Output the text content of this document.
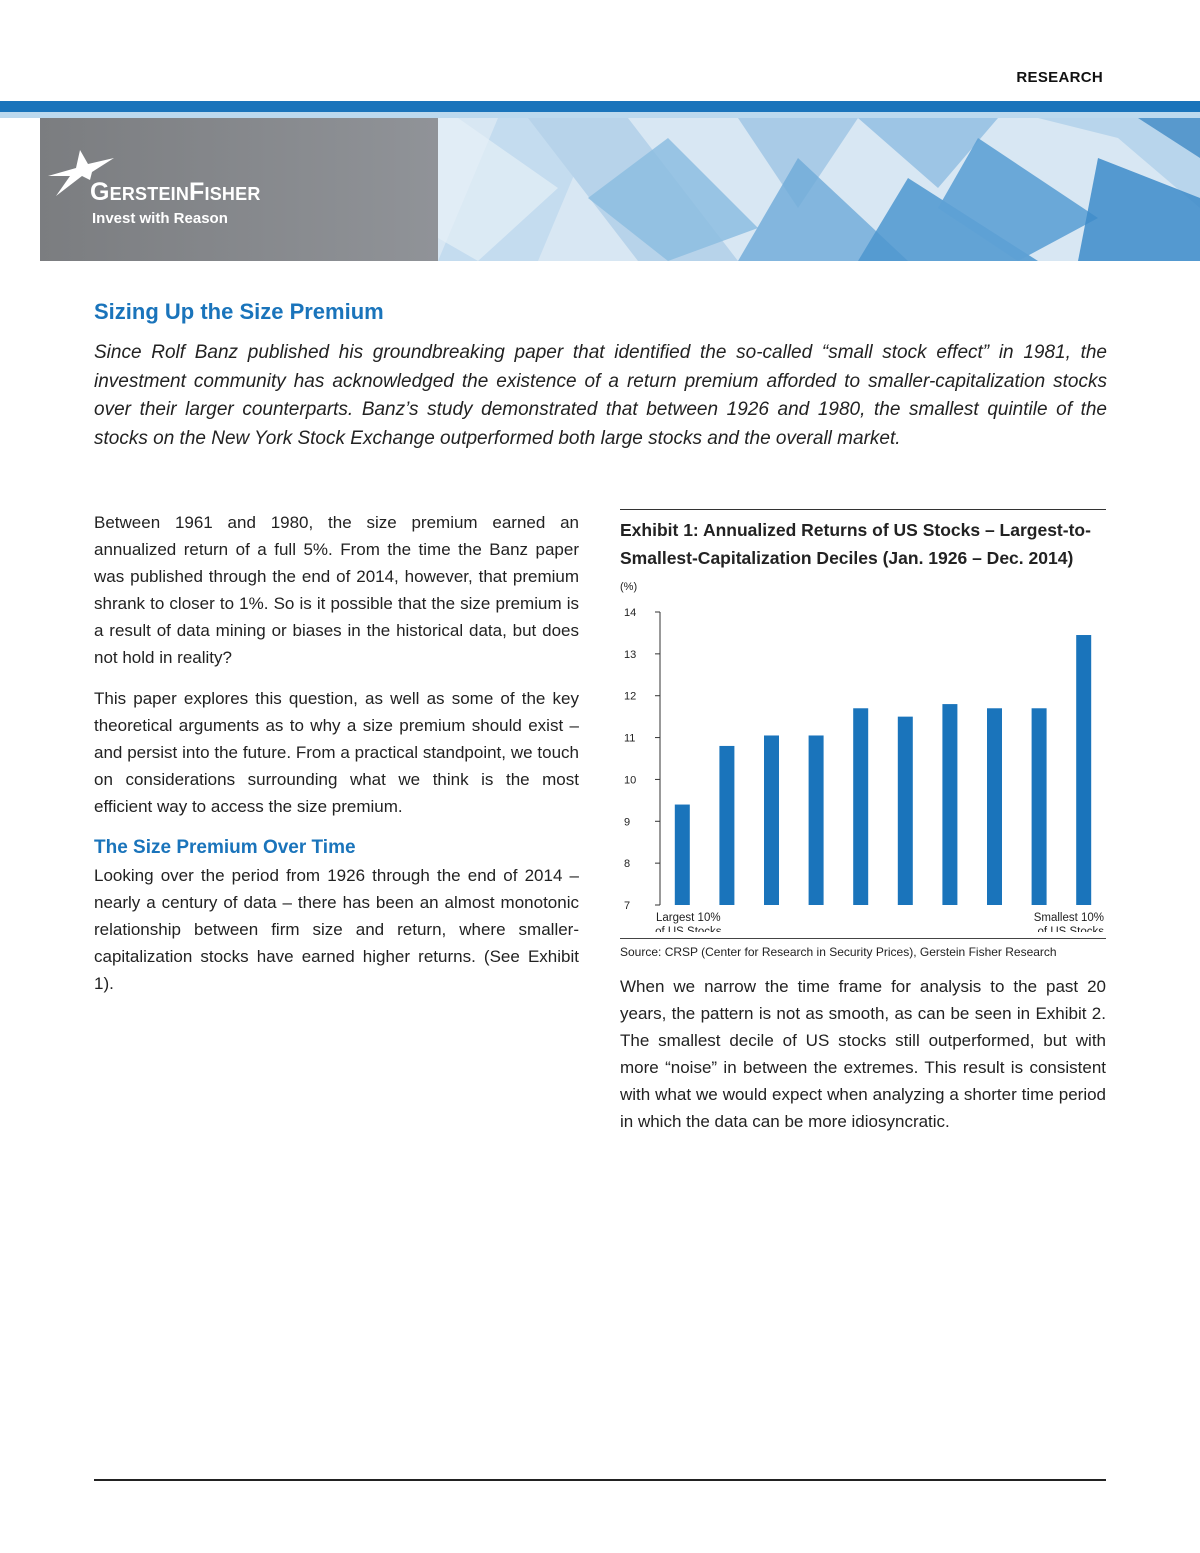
RESEARCH
GersteinFisher
Invest with Reason
Sizing Up the Size Premium

Since Rolf Banz published his groundbreaking paper that identified the so-called “small stock effect” in 1981, the investment community has acknowledged the existence of a return premium afforded to smaller-capitalization stocks over their larger counterparts. Banz’s study demonstrated that between 1926 and 1980, the smallest quintile of the stocks on the New York Stock Exchange outperformed both large stocks and the overall market.

Between 1961 and 1980, the size premium earned an annualized return of a full 5%. From the time the Banz paper was published through the end of 2014, however, that premium shrank to closer to 1%. So is it possible that the size premium is a result of data mining or biases in the historical data, but does not hold in reality?

This paper explores this question, as well as some of the key theoretical arguments as to why a size premium should exist – and persist into the future. From a practical standpoint, we touch on considerations surrounding what we think is the most efficient way to access the size premium.

The Size Premium Over Time

Looking over the period from 1926 through the end of 2014 – nearly a century of data – there has been an almost monotonic relationship between firm size and return, where smaller-capitalization stocks have earned higher returns. (See Exhibit 1).

Exhibit 1: Annualized Returns of US Stocks – Largest-to-Smallest-Capitalization Deciles (Jan. 1926 – Dec. 2014)
(%)
7
8
9
10
11
12
13
14
Largest 10%
of US Stocks
Smallest 10%
of US Stocks
Source: CRSP (Center for Research in Security Prices), Gerstein Fisher Research

When we narrow the time frame for analysis to the past 20 years, the pattern is not as smooth, as can be seen in Exhibit 2. The smallest decile of US stocks still outperformed, but with more “noise” in between the extremes. This result is consistent with what we would expect when analyzing a shorter time period in which the data can be more idiosyncratic.
